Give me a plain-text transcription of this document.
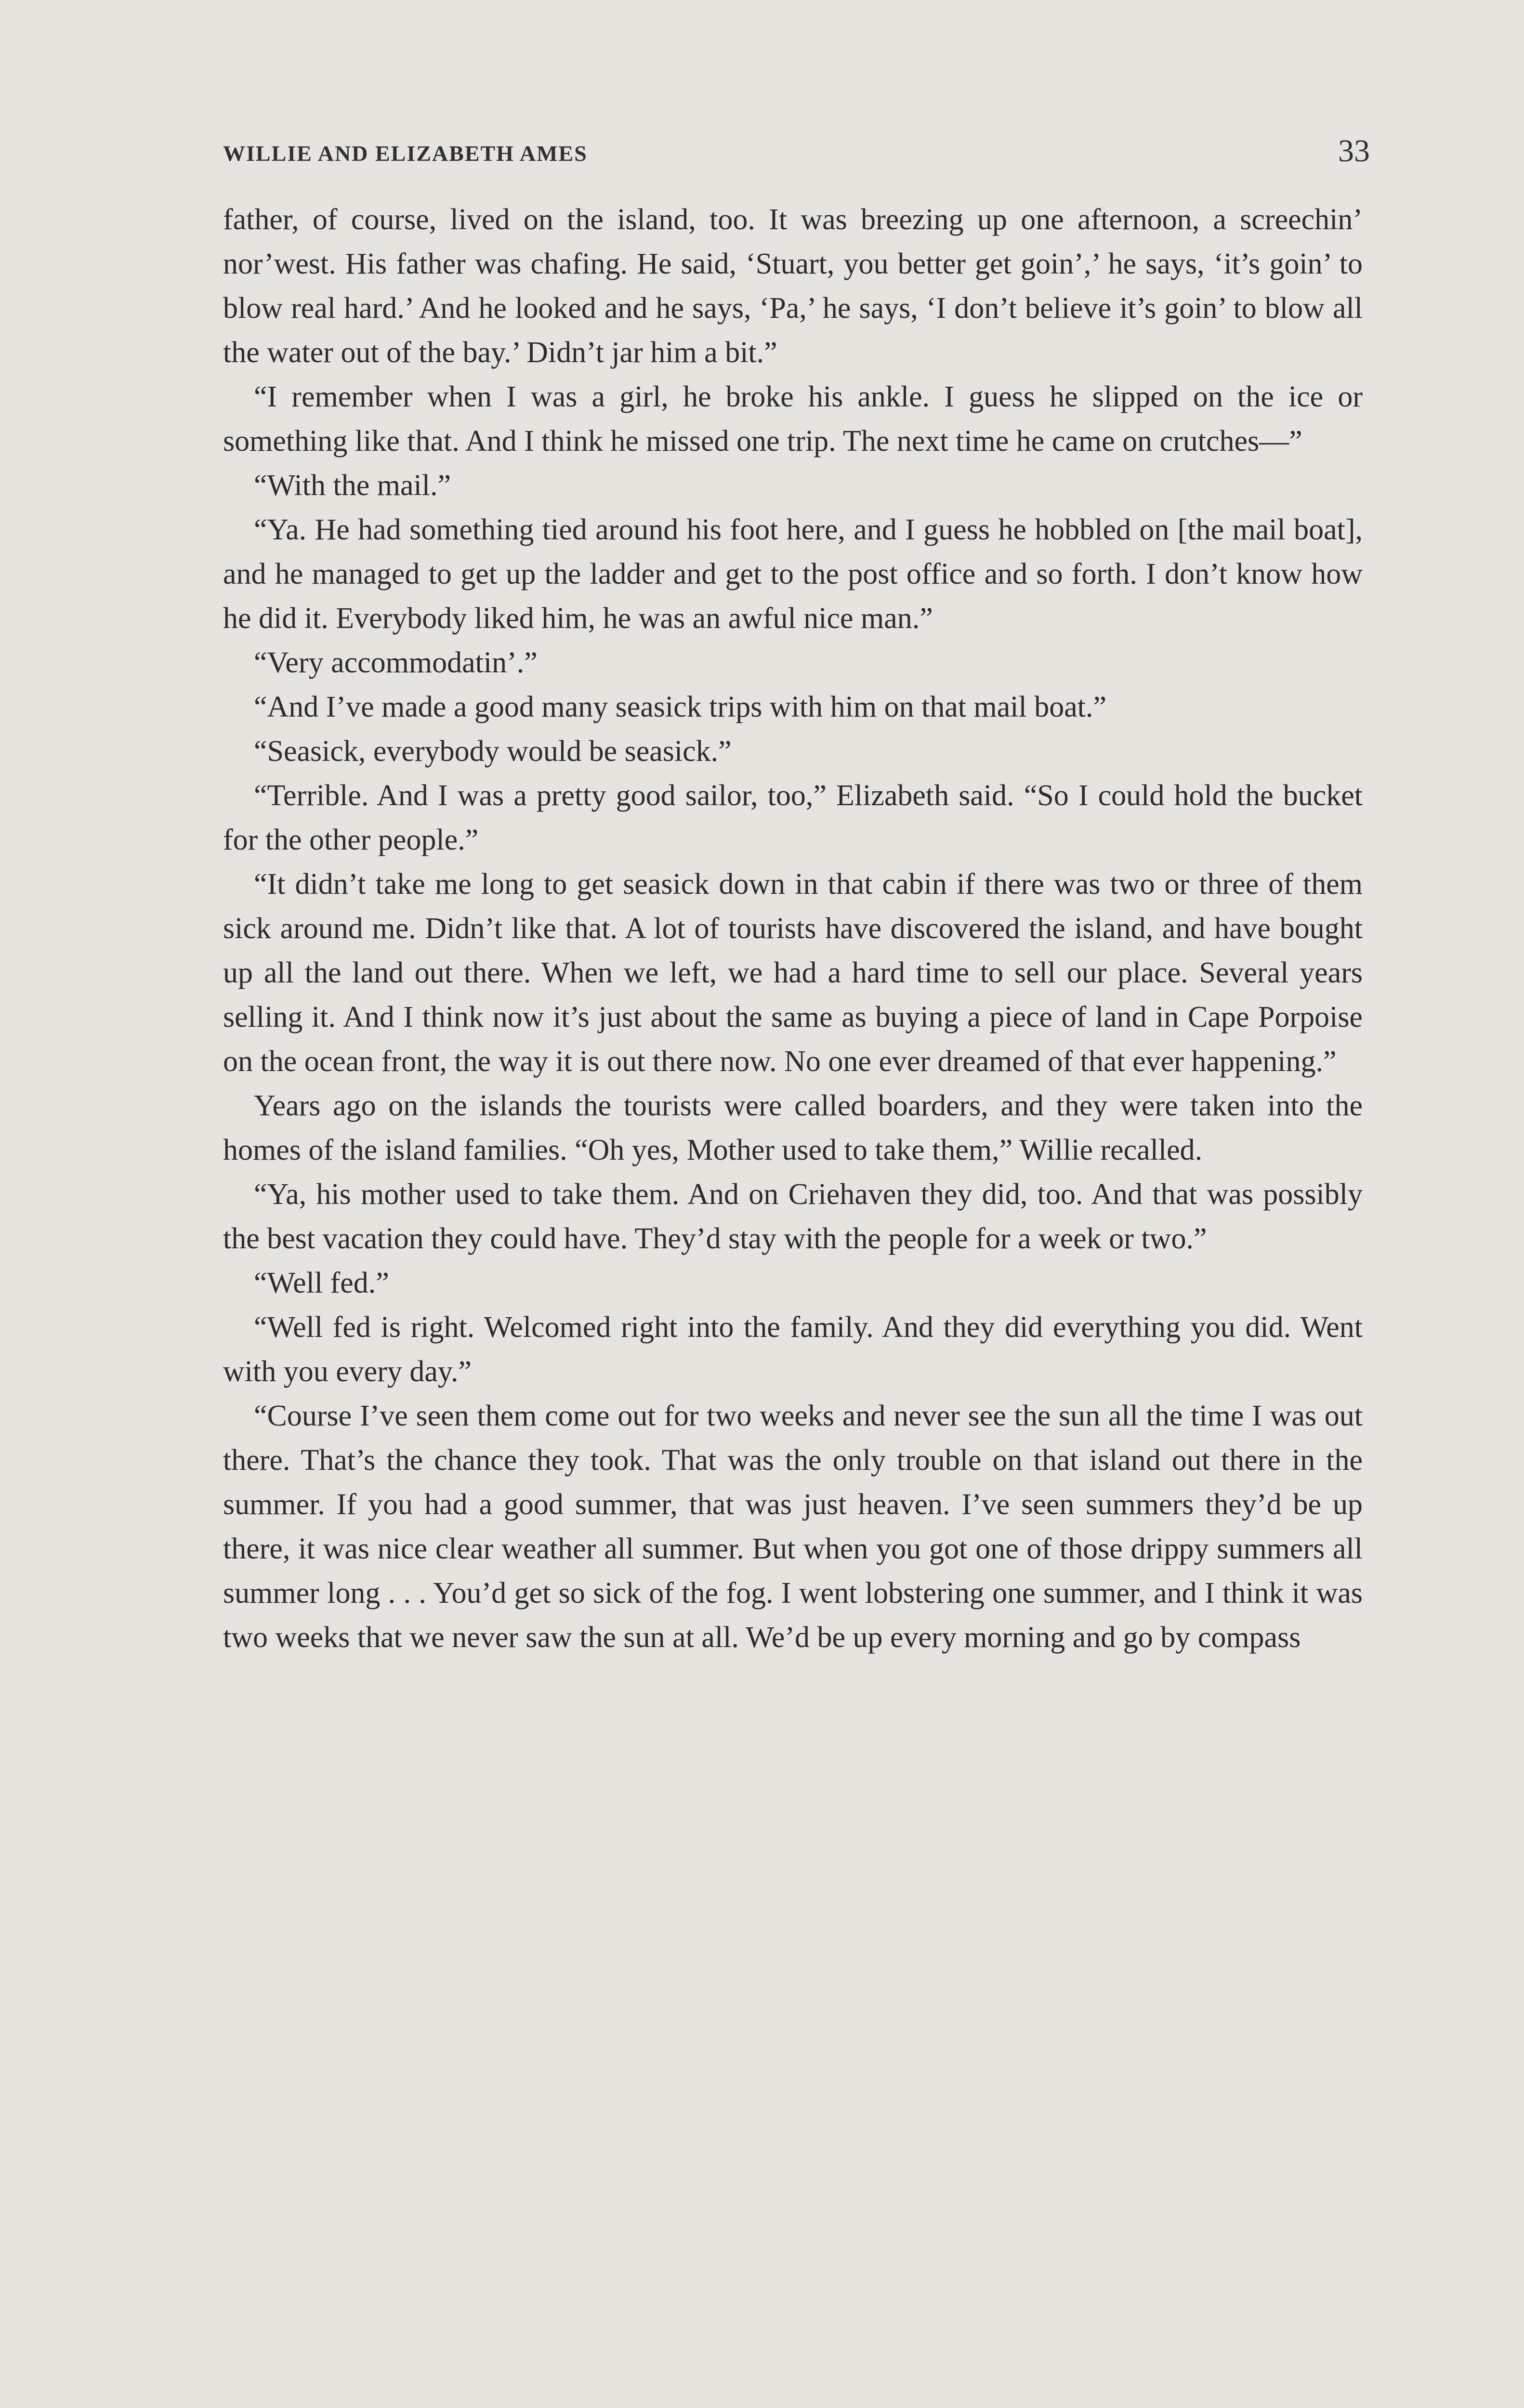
WILLIE AND ELIZABETH AMES	33

father, of course, lived on the island, too. It was breezing up one afternoon, a screechin’ nor’west. His father was chafing. He said, ‘Stuart, you better get goin’,’ he says, ‘it’s goin’ to blow real hard.’ And he looked and he says, ‘Pa,’ he says, ‘I don’t believe it’s goin’ to blow all the water out of the bay.’ Didn’t jar him a bit.”

“I remember when I was a girl, he broke his ankle. I guess he slipped on the ice or something like that. And I think he missed one trip. The next time he came on crutches—”

“With the mail.”

“Ya. He had something tied around his foot here, and I guess he hobbled on [the mail boat], and he managed to get up the ladder and get to the post office and so forth. I don’t know how he did it. Everybody liked him, he was an awful nice man.”

“Very accommodatin’.”

“And I’ve made a good many seasick trips with him on that mail boat.”

“Seasick, everybody would be seasick.”

“Terrible. And I was a pretty good sailor, too,” Elizabeth said. “So I could hold the bucket for the other people.”

“It didn’t take me long to get seasick down in that cabin if there was two or three of them sick around me. Didn’t like that. A lot of tourists have discovered the island, and have bought up all the land out there. When we left, we had a hard time to sell our place. Several years selling it. And I think now it’s just about the same as buying a piece of land in Cape Porpoise on the ocean front, the way it is out there now. No one ever dreamed of that ever happening.”

Years ago on the islands the tourists were called boarders, and they were taken into the homes of the island families. “Oh yes, Mother used to take them,” Willie recalled.

“Ya, his mother used to take them. And on Criehaven they did, too. And that was possibly the best vacation they could have. They’d stay with the people for a week or two.”

“Well fed.”

“Well fed is right. Welcomed right into the family. And they did everything you did. Went with you every day.”

“Course I’ve seen them come out for two weeks and never see the sun all the time I was out there. That’s the chance they took. That was the only trouble on that island out there in the summer. If you had a good summer, that was just heaven. I’ve seen summers they’d be up there, it was nice clear weather all summer. But when you got one of those drippy summers all summer long . . . You’d get so sick of the fog. I went lobstering one summer, and I think it was two weeks that we never saw the sun at all. We’d be up every morning and go by compass
